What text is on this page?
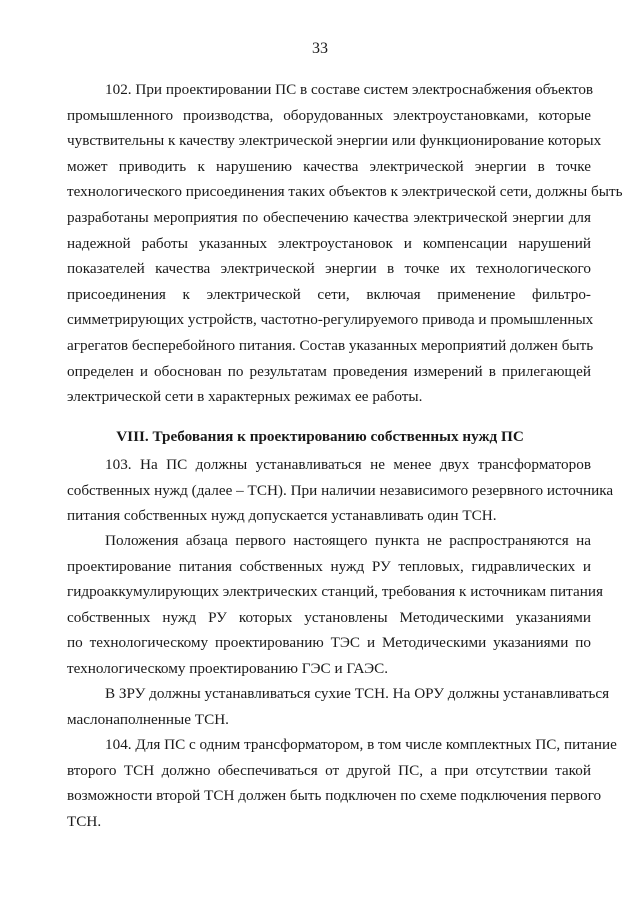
33
102. При проектировании ПС в составе систем электроснабжения объектов
промышленного производства, оборудованных электроустановками, которые
чувствительны к качеству электрической энергии или функционирование которых
может приводить к нарушению качества электрической энергии в точке
технологического присоединения таких объектов к электрической сети, должны быть
разработаны мероприятия по обеспечению качества электрической энергии для
надежной работы указанных электроустановок и компенсации нарушений
показателей качества электрической энергии в точке их технологического
присоединения к электрической сети, включая применение фильтро-
симметрирующих устройств, частотно-регулируемого привода и промышленных
агрегатов бесперебойного питания. Состав указанных мероприятий должен быть
определен и обоснован по результатам проведения измерений в прилегающей
электрической сети в характерных режимах ее работы.
VIII. Требования к проектированию собственных нужд ПС
103. На ПС должны устанавливаться не менее двух трансформаторов
собственных нужд (далее – ТСН). При наличии независимого резервного источника
питания собственных нужд допускается устанавливать один ТСН.
Положения абзаца первого настоящего пункта не распространяются на
проектирование питания собственных нужд РУ тепловых, гидравлических и
гидроаккумулирующих электрических станций, требования к источникам питания
собственных нужд РУ которых установлены Методическими указаниями
по технологическому проектированию ТЭС и Методическими указаниями по
технологическому проектированию ГЭС и ГАЭС.
В ЗРУ должны устанавливаться сухие ТСН. На ОРУ должны устанавливаться
маслонаполненные ТСН.
104. Для ПС с одним трансформатором, в том числе комплектных ПС, питание
второго ТСН должно обеспечиваться от другой ПС, а при отсутствии такой
возможности второй ТСН должен быть подключен по схеме подключения первого
ТСН.
